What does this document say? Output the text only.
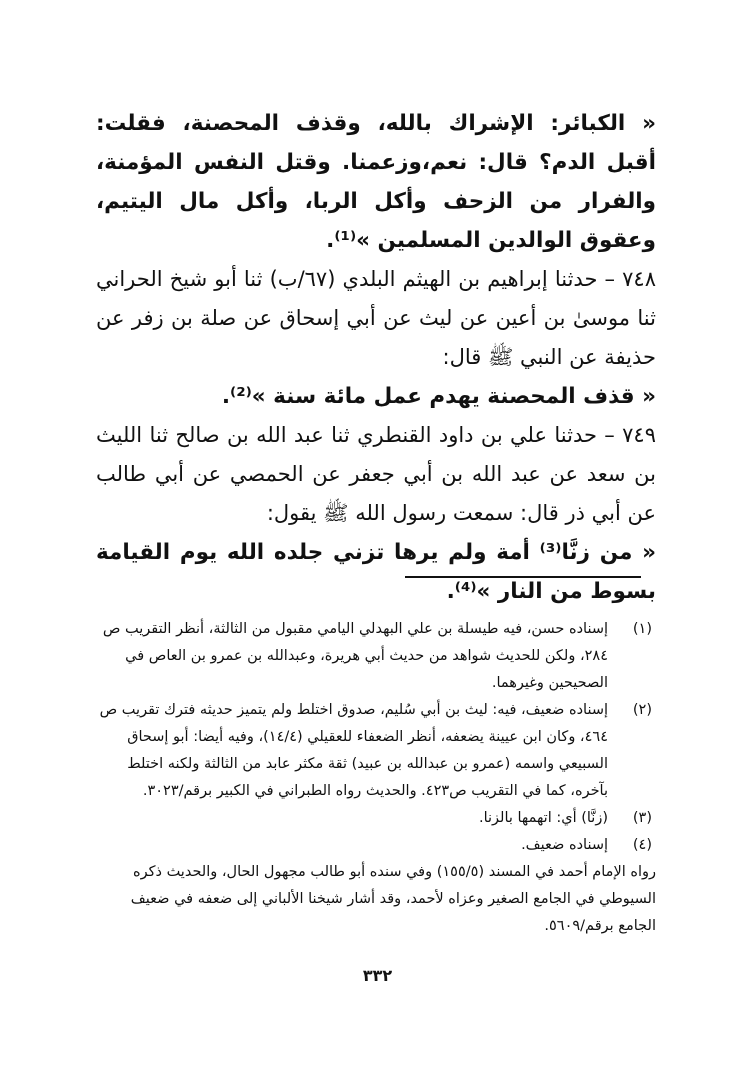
« الكبائر: الإشراك بالله، وقذف المحصنة، فقلت: أقبل الدم؟ قال: نعم،وزعمنا. وقتل النفس المؤمنة، والفرار من الزحف وأكل الربا، وأكل مال اليتيم، وعقوق الوالدين المسلمين »⁽¹⁾.

٧٤٨ – حدثنا إبراهيم بن الهيثم البلدي (٦٧/ب) ثنا أبو شيخ الحراني ثنا موسىٰ بن أعين عن ليث عن أبي إسحاق عن صلة بن زفر عن حذيفة عن النبي ﷺ قال:

« قذف المحصنة يهدم عمل مائة سنة »⁽²⁾.

٧٤٩ – حدثنا علي بن داود القنطري ثنا عبد الله بن صالح ثنا الليث بن سعد عن عبد الله بن أبي جعفر عن الحمصي عن أبي طالب عن أبي ذر قال: سمعت رسول الله ﷺ يقول:

« من زنَّا⁽³⁾ أمة ولم يرها تزني جلده الله يوم القيامة بسوط من النار »⁽⁴⁾.

(١)
إسناده حسن، فيه طيسلة بن علي البهدلي اليامي مقبول من الثالثة، أنظر التقريب ص ٢٨٤، ولكن للحديث شواهد من حديث أبي هريرة، وعبدالله بن عمرو بن العاص في الصحيحين وغيرهما.
(٢)
إسناده ضعيف، فيه: ليث بن أبي سُليم، صدوق اختلط ولم يتميز حديثه فترك تقريب ص ٤٦٤، وكان ابن عيينة يضعفه، أنظر الضعفاء للعقيلي (١٤/٤)، وفيه أيضا: أبو إسحاق السبيعي واسمه (عمرو بن عبدالله بن عبيد) ثقة مكثر عابد من الثالثة ولكنه اختلط بآخره، كما في التقريب ص٤٢٣. والحديث رواه الطبراني في الكبير برقم/٣٠٢٣.
(٣)
(زنَّا) أي: اتهمها بالزنا.
(٤)
إسناده ضعيف.
رواه الإمام أحمد في المسند (١٥٥/٥) وفي سنده أبو طالب مجهول الحال، والحديث ذكره السيوطي في الجامع الصغير وعزاه لأحمد، وقد أشار شيخنا الألباني إلى ضعفه في ضعيف الجامع برقم/٥٦٠٩.
٣٣٢
